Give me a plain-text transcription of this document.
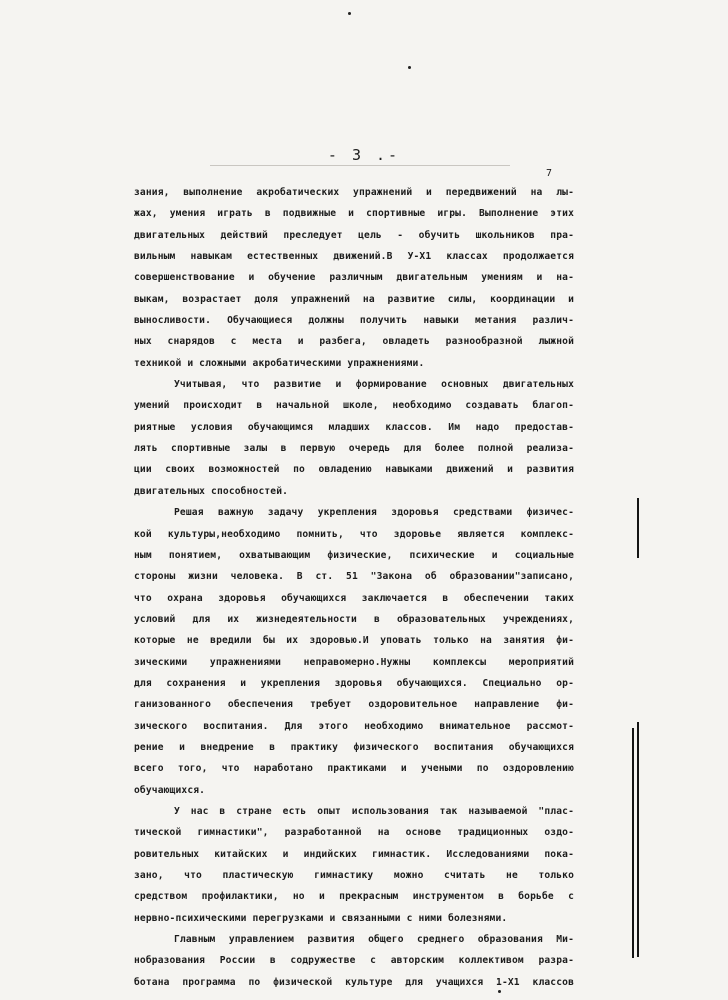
- 3 .-
7
зания, выполнение акробатических упражнений и передвижений на лы-
жах, умения играть в подвижные и спортивные игры. Выполнение этих
двигательных действий преследует цель - обучить школьников пра-
вильным навыкам естественных движений.В У-Х1 классах продолжается
совершенствование и обучение различным двигательным умениям и на-
выкам, возрастает доля упражнений на развитие силы, координации и
выносливости. Обучающиеся должны получить навыки метания различ-
ных снарядов с места и разбега, овладеть разнообразной лыжной
техникой и сложными акробатическими упражнениями.
Учитывая, что развитие и формирование основных двигательных
умений происходит в начальной школе, необходимо создавать благоп-
риятные условия обучающимся младших классов. Им надо предостав-
лять спортивные залы в первую очередь для более полной реализа-
ции своих возможностей по овладению навыками движений и развития
двигательных способностей.
Решая важную задачу укрепления здоровья средствами физичес-
кой культуры,необходимо помнить, что здоровье является комплекс-
ным понятием, охватывающим физические, психические и социальные
стороны жизни человека. В ст. 51 "Закона об образовании"записано,
что охрана здоровья обучающихся заключается в обеспечении таких
условий для их жизнедеятельности в образовательных учреждениях,
которые не вредили бы их здоровью.И уповать только на занятия фи-
зическими упражнениями неправомерно.Нужны комплексы мероприятий
для сохранения и укрепления здоровья обучающихся. Специально ор-
ганизованного обеспечения требует оздоровительное направление фи-
зического воспитания. Для этого необходимо внимательное рассмот-
рение и внедрение в практику физического воспитания обучающихся
всего того, что наработано практиками и учеными по оздоровлению
обучающихся.
У нас в стране есть опыт использования так называемой "плас-
тической гимнастики", разработанной на основе традиционных оздо-
ровительных китайских и индийских гимнастик. Исследованиями пока-
зано, что пластическую гимнастику можно считать не только
средством профилактики, но и прекрасным инструментом в борьбе с
нервно-психическими перегрузками и связанными с ними болезнями.
Главным управлением развития общего среднего образования Ми-
нобразования России в содружестве с авторским коллективом разра-
ботана программа по физической культуре для учащихся 1-Х1 классов
